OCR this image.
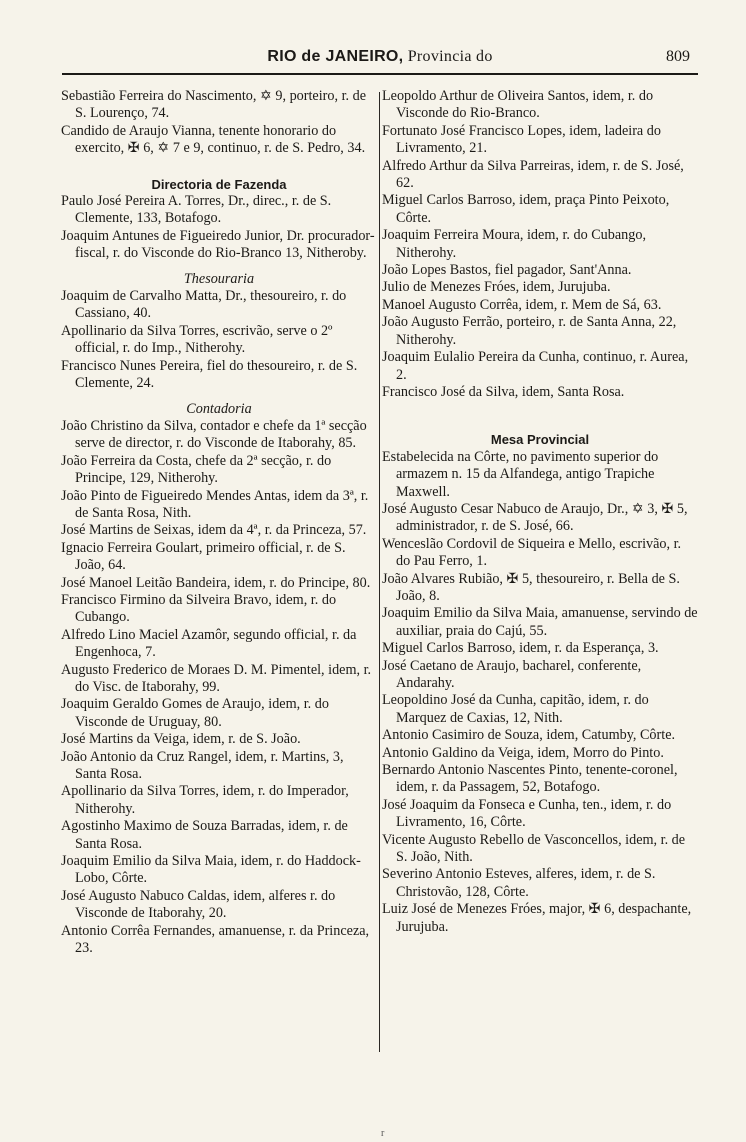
RIO de JANEIRO, Provincia do	809

Sebastião Ferreira do Nascimento, ✡ 9, porteiro, r. de S. Lourenço, 74.

Candido de Araujo Vianna, tenente honorario do exercito, ✠ 6, ✡ 7 e 9, continuo, r. de S. Pedro, 34.

Directoria de Fazenda

Paulo José Pereira A. Torres, Dr., direc., r. de S. Clemente, 133, Botafogo.

Joaquim Antunes de Figueiredo Junior, Dr. procurador-fiscal, r. do Visconde do Rio-Branco 13, Nitheroby.

Thesouraria

Joaquim de Carvalho Matta, Dr., thesoureiro, r. do Cassiano, 40.

Apollinario da Silva Torres, escrivão, serve o 2º official, r. do Imp., Nitherohy.

Francisco Nunes Pereira, fiel do thesoureiro, r. de S. Clemente, 24.

Contadoria

João Christino da Silva, contador e chefe da 1ª secção serve de director, r. do Visconde de Itaborahy, 85.

João Ferreira da Costa, chefe da 2ª secção, r. do Principe, 129, Nitherohy.

João Pinto de Figueiredo Mendes Antas, idem da 3ª, r. de Santa Rosa, Nith.

José Martins de Seixas, idem da 4ª, r. da Princeza, 57.

Ignacio Ferreira Goulart, primeiro official, r. de S. João, 64.

José Manoel Leitão Bandeira, idem, r. do Principe, 80.

Francisco Firmino da Silveira Bravo, idem, r. do Cubango.

Alfredo Lino Maciel Azamôr, segundo official, r. da Engenhoca, 7.

Augusto Frederico de Moraes D. M. Pimentel, idem, r. do Visc. de Itaborahy, 99.

Joaquim Geraldo Gomes de Araujo, idem, r. do Visconde de Uruguay, 80.

José Martins da Veiga, idem, r. de S. João.

João Antonio da Cruz Rangel, idem, r. Martins, 3, Santa Rosa.

Apollinario da Silva Torres, idem, r. do Imperador, Nitherohy.

Agostinho Maximo de Souza Barradas, idem, r. de Santa Rosa.

Joaquim Emilio da Silva Maia, idem, r. do Haddock-Lobo, Côrte.

José Augusto Nabuco Caldas, idem, alferes r. do Visconde de Itaborahy, 20.

Antonio Corrêa Fernandes, amanuense, r. da Princeza, 23.

Leopoldo Arthur de Oliveira Santos, idem, r. do Visconde do Rio-Branco.

Fortunato José Francisco Lopes, idem, ladeira do Livramento, 21.

Alfredo Arthur da Silva Parreiras, idem, r. de S. José, 62.

Miguel Carlos Barroso, idem, praça Pinto Peixoto, Côrte.

Joaquim Ferreira Moura, idem, r. do Cubango, Nitherohy.

João Lopes Bastos, fiel pagador, Sant'Anna.

Julio de Menezes Fróes, idem, Jurujuba.

Manoel Augusto Corrêa, idem, r. Mem de Sá, 63.

João Augusto Ferrão, porteiro, r. de Santa Anna, 22, Nitherohy.

Joaquim Eulalio Pereira da Cunha, continuo, r. Aurea, 2.

Francisco José da Silva, idem, Santa Rosa.

Mesa Provincial

Estabelecida na Côrte, no pavimento superior do armazem n. 15 da Alfandega, antigo Trapiche Maxwell.

José Augusto Cesar Nabuco de Araujo, Dr., ✡ 3, ✠ 5, administrador, r. de S. José, 66.

Wenceslão Cordovil de Siqueira e Mello, escrivão, r. do Pau Ferro, 1.

João Alvares Rubião, ✠ 5, thesoureiro, r. Bella de S. João, 8.

Joaquim Emilio da Silva Maia, amanuense, servindo de auxiliar, praia do Cajú, 55.

Miguel Carlos Barroso, idem, r. da Esperança, 3.

José Caetano de Araujo, bacharel, conferente, Andarahy.

Leopoldino José da Cunha, capitão, idem, r. do Marquez de Caxias, 12, Nith.

Antonio Casimiro de Souza, idem, Catumby, Côrte.

Antonio Galdino da Veiga, idem, Morro do Pinto.

Bernardo Antonio Nascentes Pinto, tenente-coronel, idem, r. da Passagem, 52, Botafogo.

José Joaquim da Fonseca e Cunha, ten., idem, r. do Livramento, 16, Côrte.

Vicente Augusto Rebello de Vasconcellos, idem, r. de S. João, Nith.

Severino Antonio Esteves, alferes, idem, r. de S. Christovão, 128, Côrte.

Luiz José de Menezes Fróes, major, ✠ 6, despachante, Jurujuba.

r
